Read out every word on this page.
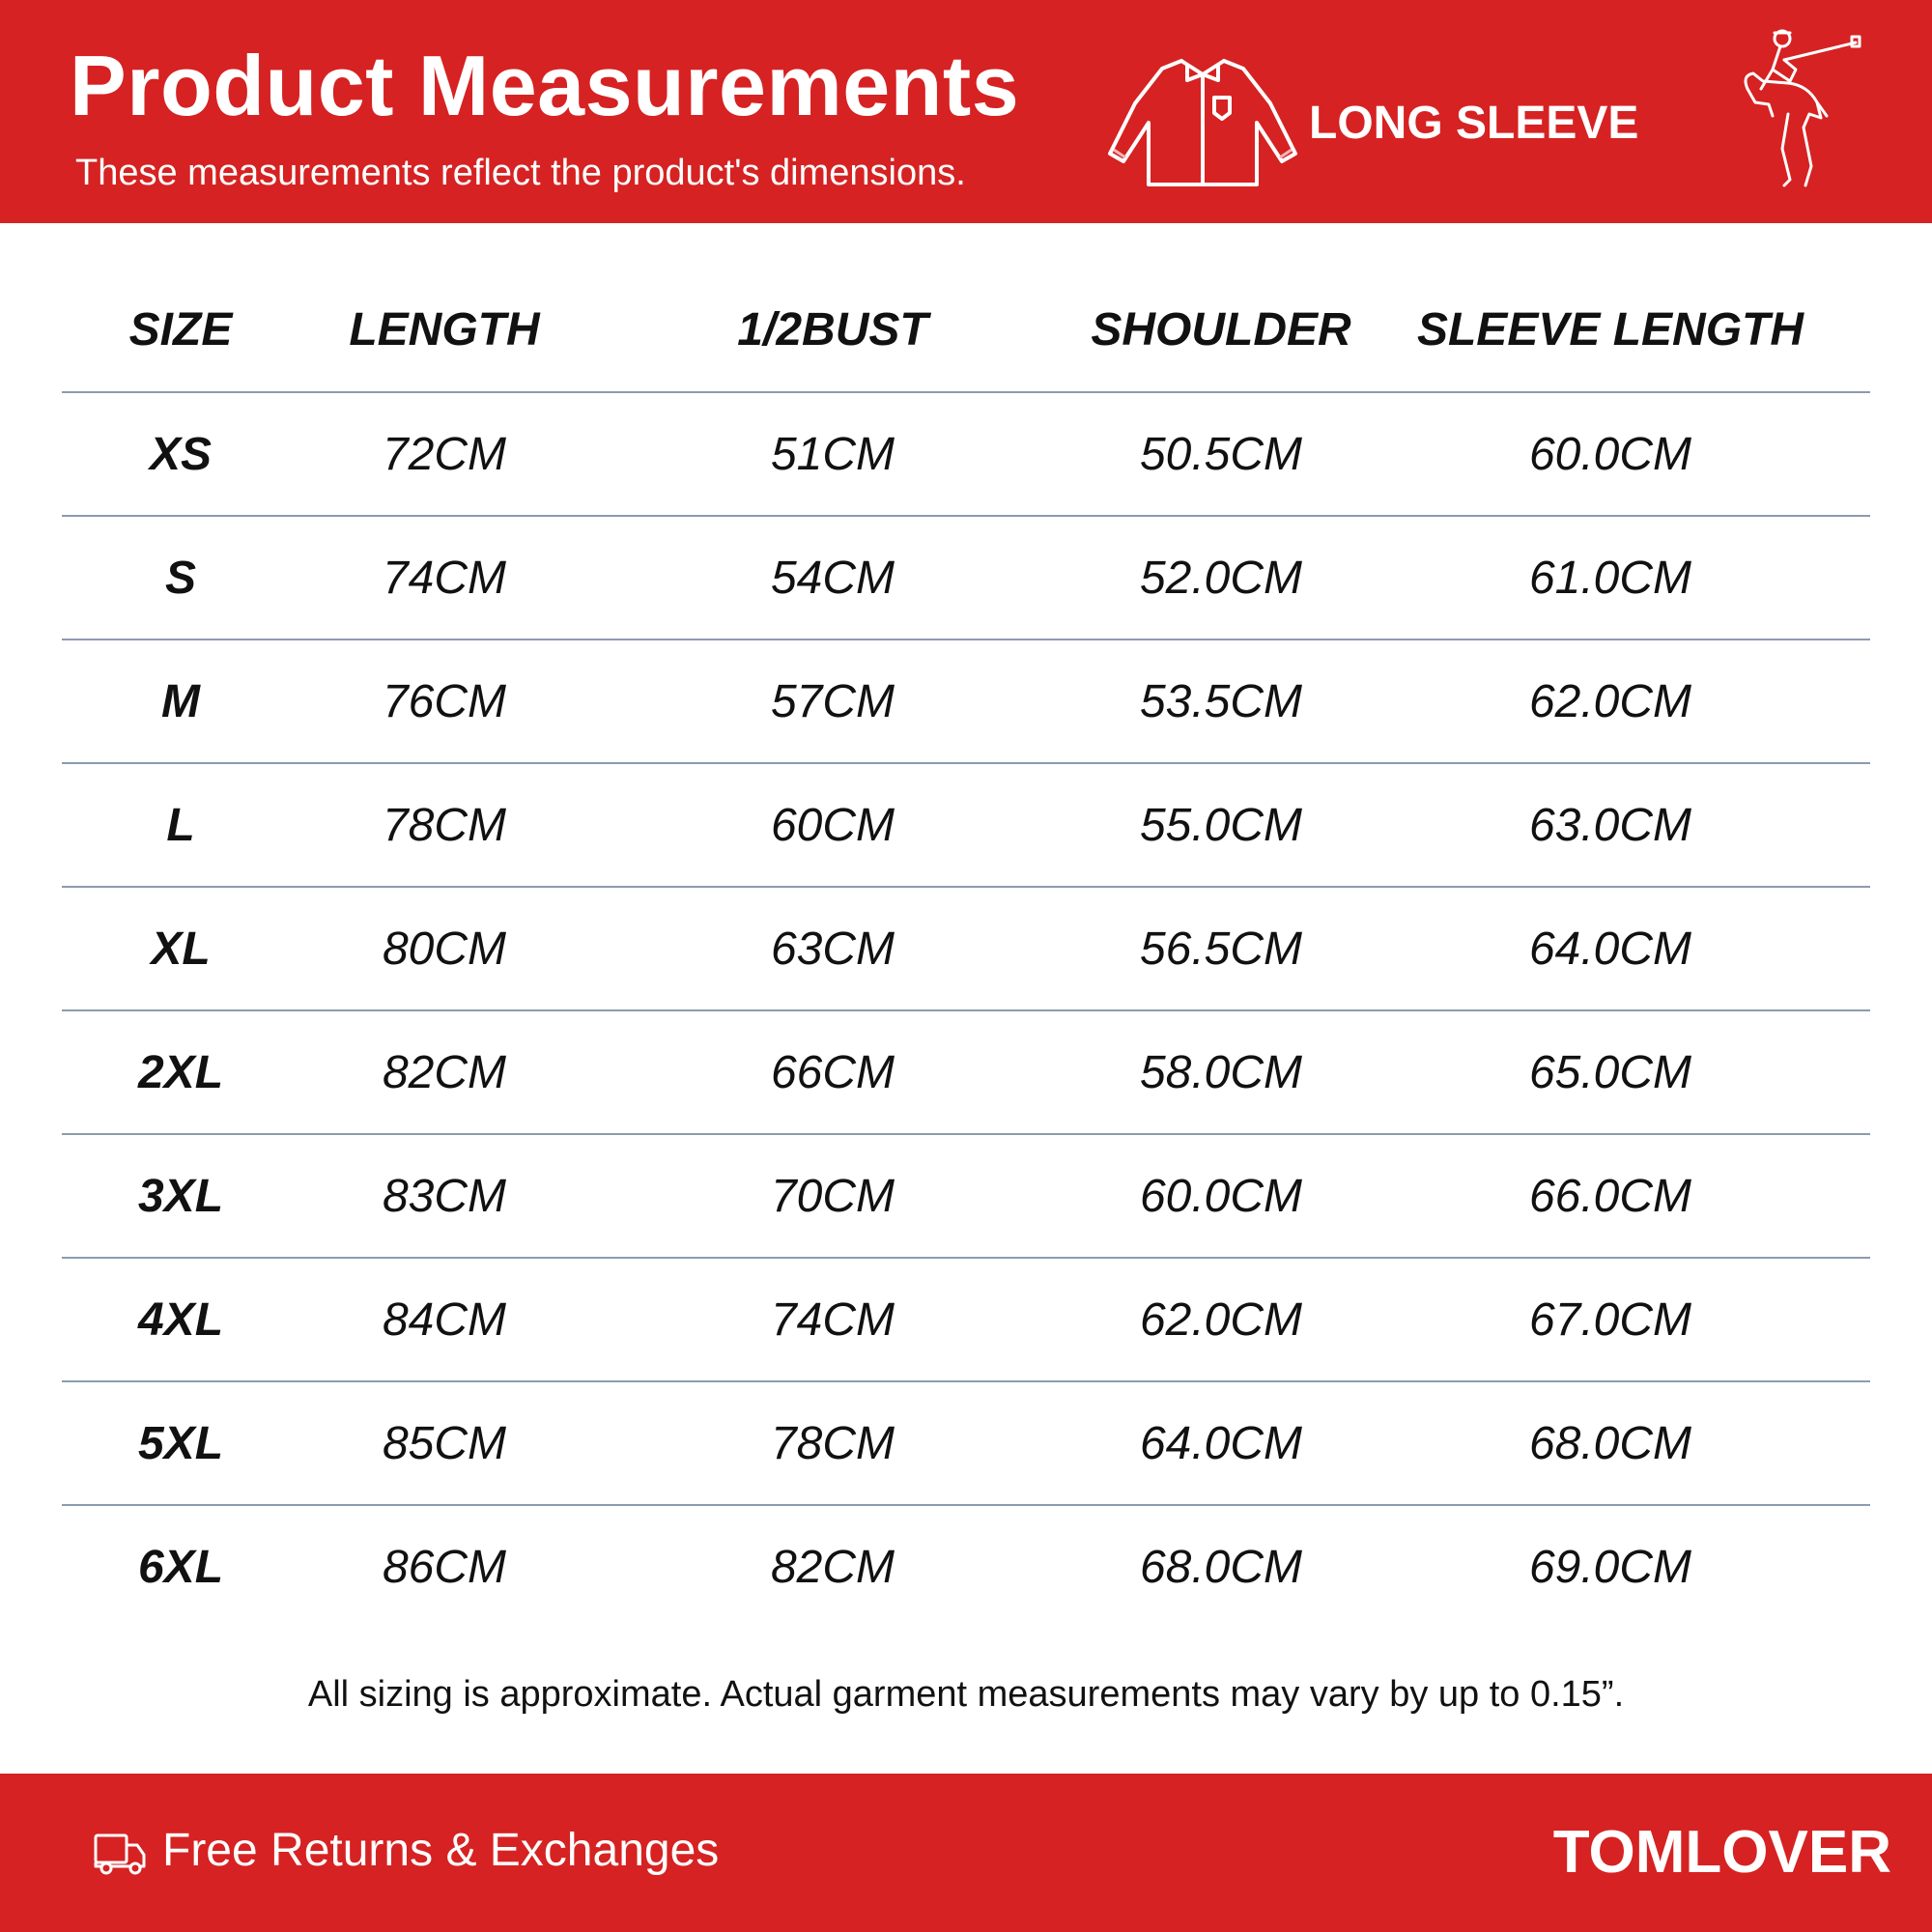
Product Measurements
These measurements reflect the product's dimensions.
LONG SLEEVE
SIZE	LENGTH	1/2BUST	SHOULDER	SLEEVE LENGTH
XS	72CM	51CM	50.5CM	60.0CM
S	74CM	54CM	52.0CM	61.0CM
M	76CM	57CM	53.5CM	62.0CM
L	78CM	60CM	55.0CM	63.0CM
XL	80CM	63CM	56.5CM	64.0CM
2XL	82CM	66CM	58.0CM	65.0CM
3XL	83CM	70CM	60.0CM	66.0CM
4XL	84CM	74CM	62.0CM	67.0CM
5XL	85CM	78CM	64.0CM	68.0CM
6XL	86CM	82CM	68.0CM	69.0CM
All sizing is approximate. Actual garment measurements may vary by up to 0.15”.
Free Returns & Exchanges	TOMLOVER
